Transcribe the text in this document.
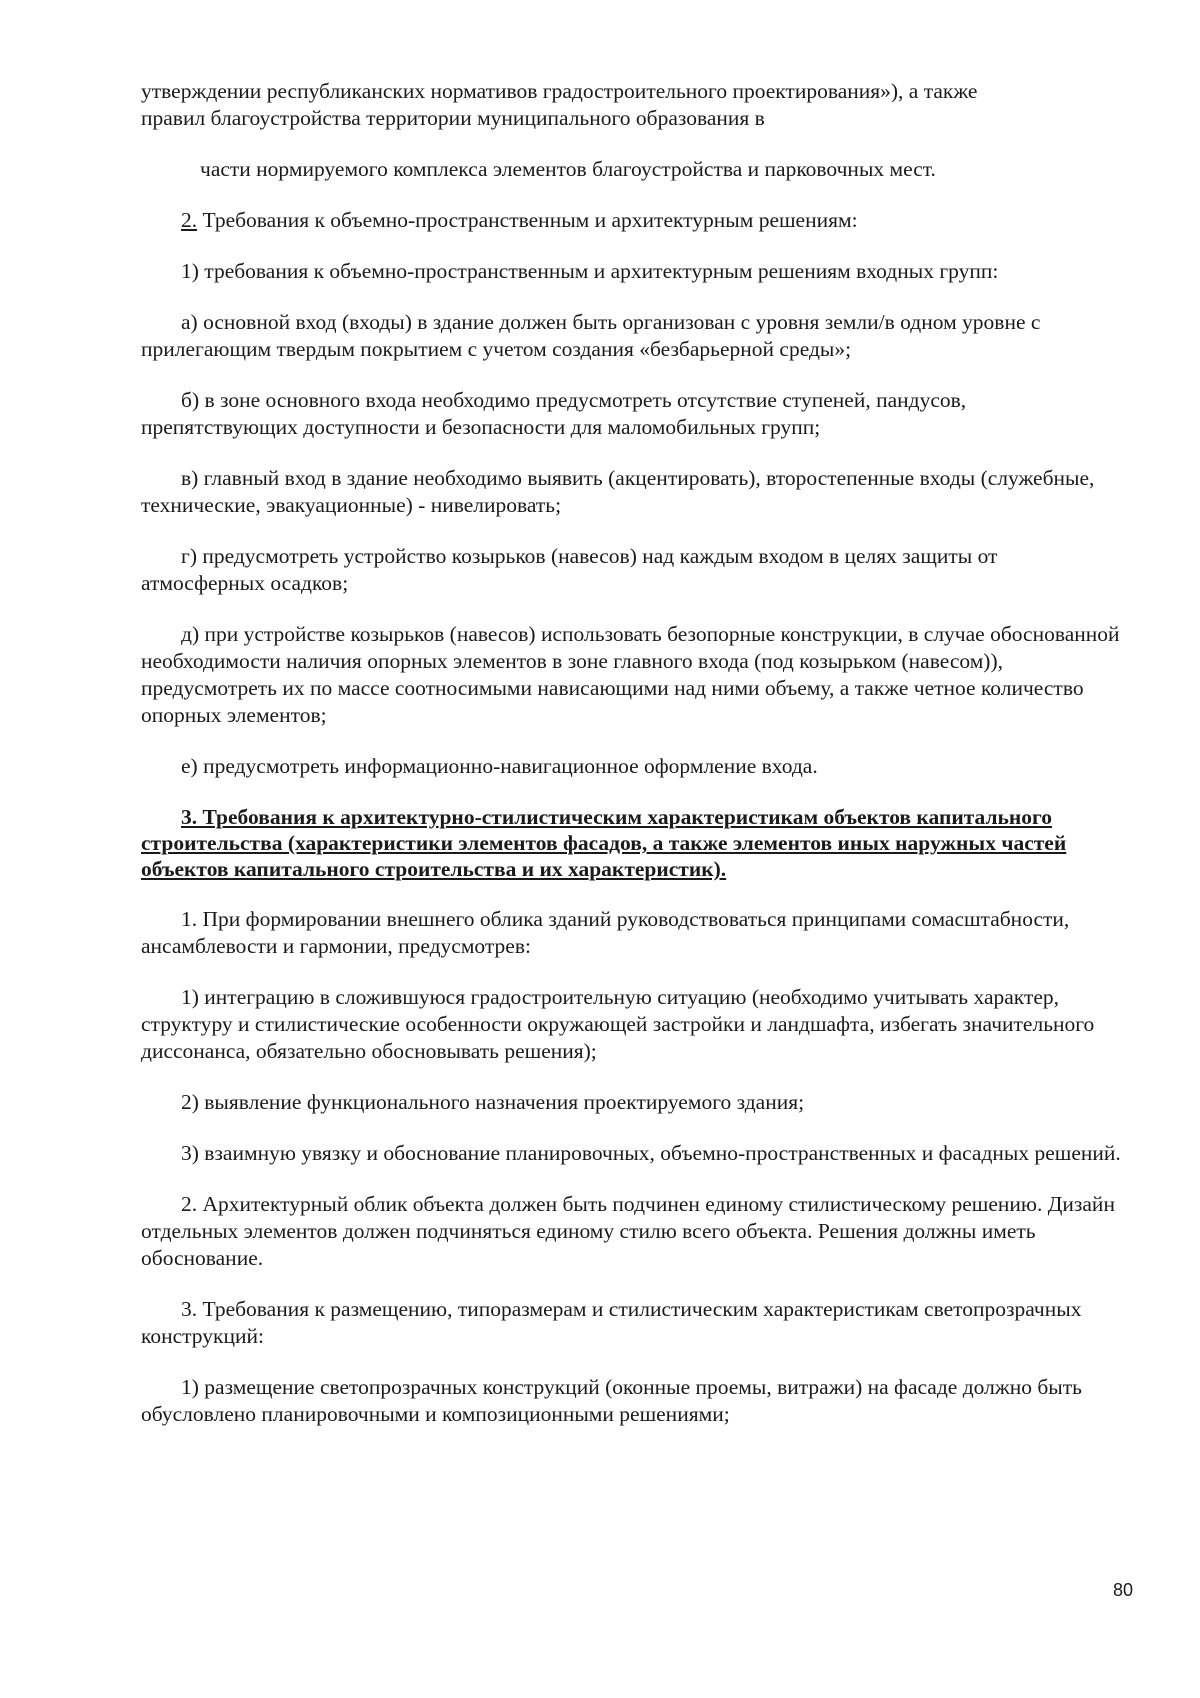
утверждении республиканских нормативов градостроительного проектирования»), а также

правил благоустройства территории муниципального образования в

части нормируемого комплекса элементов благоустройства и парковочных мест.

2. Требования к объемно-пространственным и архитектурным решениям:

1) требования к объемно-пространственным и архитектурным решениям входных групп:

а) основной вход (входы) в здание должен быть организован с уровня земли/в одном уровне с прилегающим твердым покрытием с учетом создания «безбарьерной среды»;

б) в зоне основного входа необходимо предусмотреть отсутствие ступеней, пандусов, препятствующих доступности и безопасности для маломобильных групп;

в) главный вход в здание необходимо выявить (акцентировать), второстепенные входы (служебные, технические, эвакуационные) - нивелировать;

г) предусмотреть устройство козырьков (навесов) над каждым входом в целях защиты от атмосферных осадков;

д) при устройстве козырьков (навесов) использовать безопорные конструкции, в случае обоснованной необходимости наличия опорных элементов в зоне главного входа (под козырьком (навесом)), предусмотреть их по массе соотносимыми нависающими над ними объему, а также четное количество опорных элементов;

е) предусмотреть информационно-навигационное оформление входа.

3. Требования к архитектурно-стилистическим характеристикам объектов капитального строительства (характеристики элементов фасадов, а также элементов иных наружных частей объектов капитального строительства и их характеристик).

1. При формировании внешнего облика зданий руководствоваться принципами сомасштабности, ансамблевости и гармонии, предусмотрев:

1) интеграцию в сложившуюся градостроительную ситуацию (необходимо учитывать характер, структуру и стилистические особенности окружающей застройки и ландшафта, избегать значительного диссонанса, обязательно обосновывать решения);

2) выявление функционального назначения проектируемого здания;

3) взаимную увязку и обоснование планировочных, объемно-пространственных и фасадных решений.

2. Архитектурный облик объекта должен быть подчинен единому стилистическому решению. Дизайн отдельных элементов должен подчиняться единому стилю всего объекта. Решения должны иметь обоснование.

3. Требования к размещению, типоразмерам и стилистическим характеристикам светопрозрачных конструкций:

1) размещение светопрозрачных конструкций (оконные проемы, витражи) на фасаде должно быть обусловлено планировочными и композиционными решениями;

80
